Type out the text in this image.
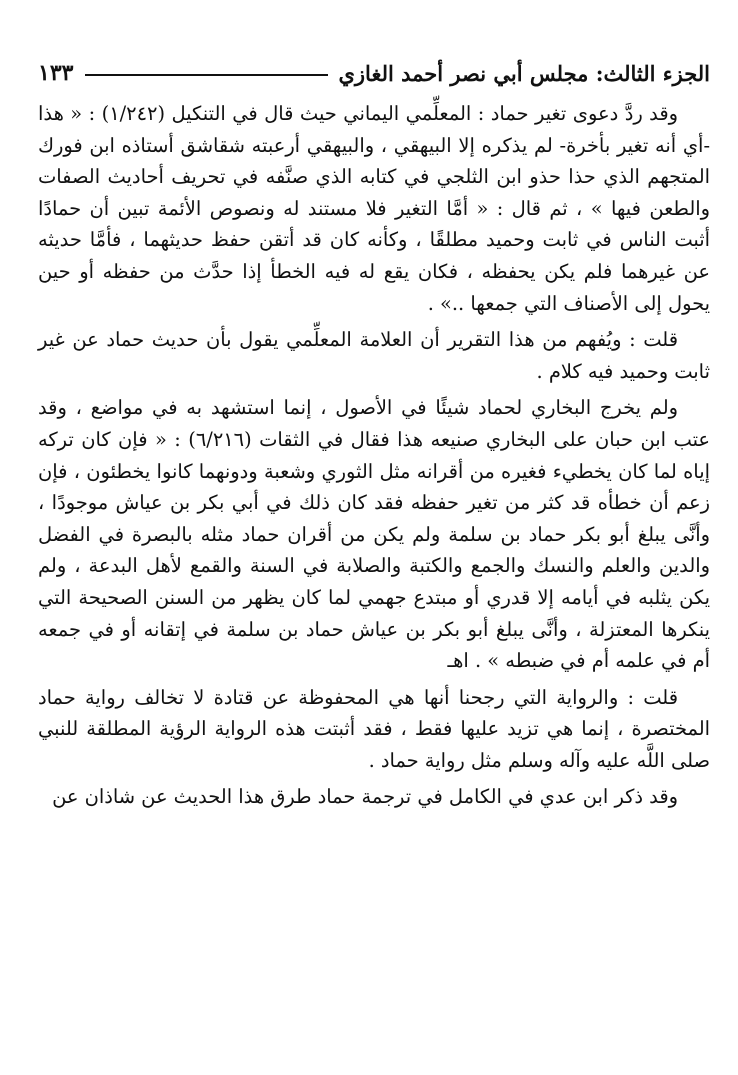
الجزء الثالث: مجلس أبي نصر أحمد الغازي
١٣٣

وقد ردَّ دعوى تغير حماد : المعلِّمي اليماني حيث قال في التنكيل (١/٢٤٢) : « هذا -أي أنه تغير بأخرة- لم يذكره إلا البيهقي ، والبيهقي أرعبته شقاشق أستاذه ابن فورك المتجهم الذي حذا حذو ابن الثلجي في كتابه الذي صنَّفه في تحريف أحاديث الصفات والطعن فيها » ، ثم قال : « أمَّا التغير فلا مستند له ونصوص الأئمة تبين أن حمادًا أثبت الناس في ثابت وحميد مطلقًا ، وكأنه كان قد أتقن حفظ حديثهما ، فأمَّا حديثه عن غيرهما فلم يكن يحفظه ، فكان يقع له فيه الخطأ إذا حدَّث من حفظه أو حين يحول إلى الأصناف التي جمعها ..» .

قلت : ويُفهم من هذا التقرير أن العلامة المعلِّمي يقول بأن حديث حماد عن غير ثابت وحميد فيه كلام .

ولم يخرج البخاري لحماد شيئًا في الأصول ، إنما استشهد به في مواضع ، وقد عتب ابن حبان على البخاري صنيعه هذا فقال في الثقات (٦/٢١٦) : « فإن كان تركه إياه لما كان يخطيء فغيره من أقرانه مثل الثوري وشعبة ودونهما كانوا يخطئون ، فإن زعم أن خطأه قد كثر من تغير حفظه فقد كان ذلك في أبي بكر بن عياش موجودًا ، وأنَّى يبلغ أبو بكر حماد بن سلمة ولم يكن من أقران حماد مثله بالبصرة في الفضل والدين والعلم والنسك والجمع والكتبة والصلابة في السنة والقمع لأهل البدعة ، ولم يكن يثلبه في أيامه إلا قدري أو مبتدع جهمي لما كان يظهر من السنن الصحيحة التي ينكرها المعتزلة ، وأنَّى يبلغ أبو بكر بن عياش حماد بن سلمة في إتقانه أو في جمعه أم في علمه أم في ضبطه » . اهـ

قلت : والرواية التي رجحنا أنها هي المحفوظة عن قتادة لا تخالف رواية حماد المختصرة ، إنما هي تزيد عليها فقط ، فقد أثبتت هذه الرواية الرؤية المطلقة للنبي صلى اللَّه عليه وآله وسلم مثل رواية حماد .

وقد ذكر ابن عدي في الكامل في ترجمة حماد طرق هذا الحديث عن شاذان عن
